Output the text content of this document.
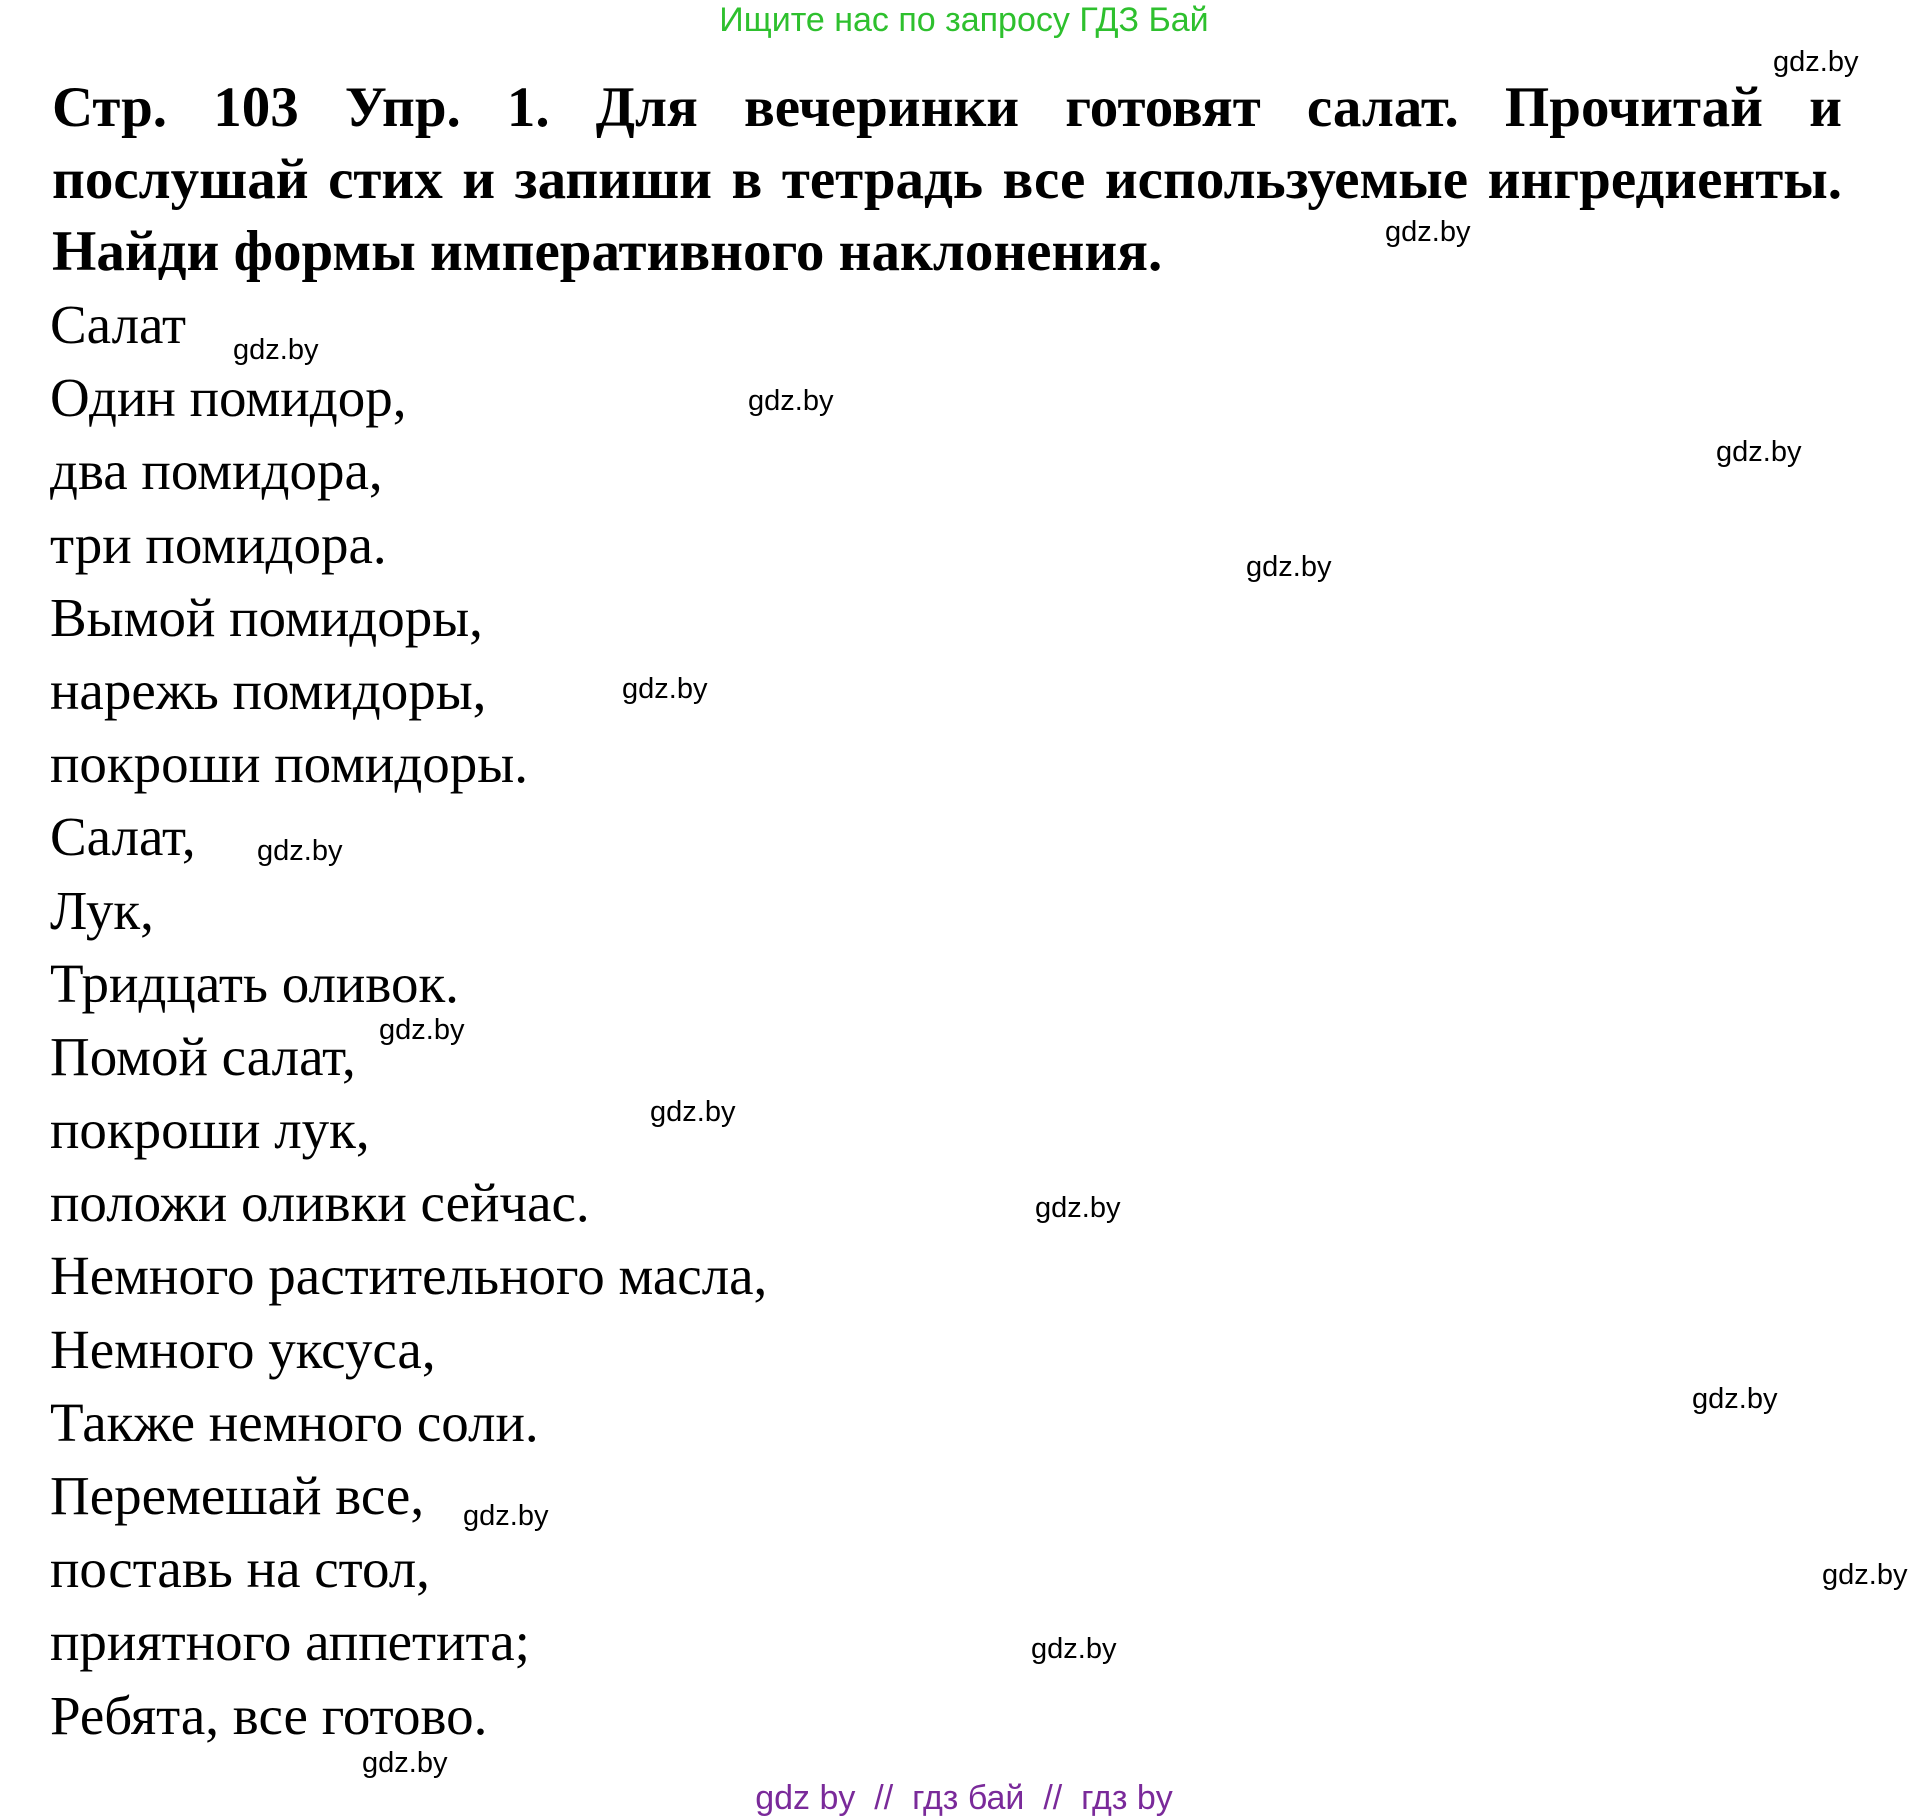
Ищите нас по запросу ГДЗ Бай
Стр. 103 Упр. 1. Для вечеринки готовят салат. Прочитай и
послушай стих и запиши в тетрадь все используемые ингредиенты.
Найди формы императивного наклонения.
Салат
Один помидор,
два помидора,
три помидора.
Вымой помидоры,
нарежь помидоры,
покроши помидоры.
Салат,
Лук,
Тридцать оливок.
Помой салат,
покроши лук,
положи оливки сейчас.
Немного растительного масла,
Немного уксуса,
Также немного соли.
Перемешай все,
поставь на стол,
приятного аппетита;
Ребята, все готово.
gdz.by
gdz.by
gdz.by
gdz.by
gdz.by
gdz.by
gdz.by
gdz.by
gdz.by
gdz.by
gdz.by
gdz.by
gdz.by
gdz.by
gdz.by
gdz.by
gdz by  //  гдз бай  //  гдз by
